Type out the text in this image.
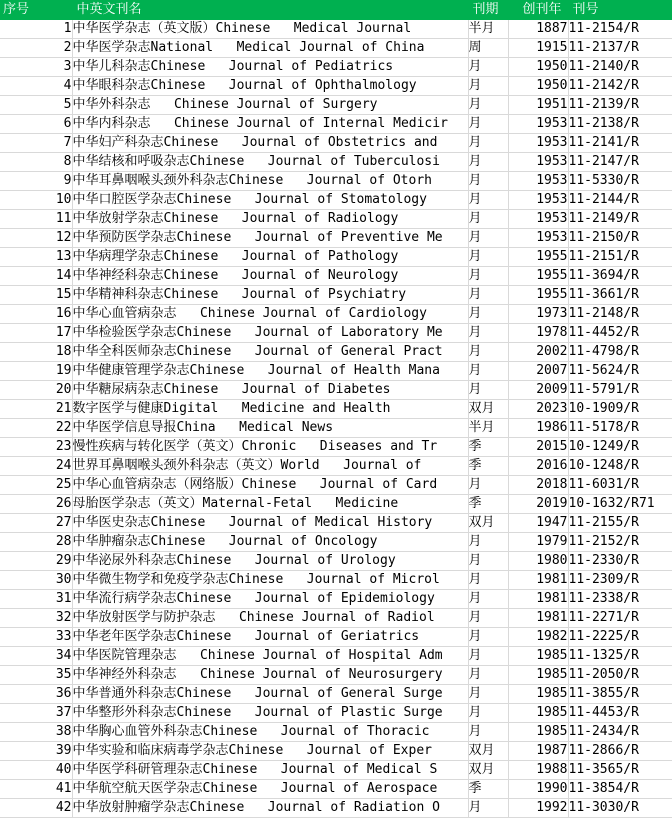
序号	中英文刊名	刊期	创刊年	刊号
1	中华医学杂志（英文版）Chinese   Medical Journal	半月	1887	11-2154/R
2	中华医学杂志National   Medical Journal of China	周	1915	11-2137/R
3	中华儿科杂志Chinese   Journal of Pediatrics	月	1950	11-2140/R
4	中华眼科杂志Chinese   Journal of Ophthalmology	月	1950	11-2142/R
5	中华外科杂志   Chinese Journal of Surgery	月	1951	11-2139/R
6	中华内科杂志   Chinese Journal of Internal Medicir	月	1953	11-2138/R
7	中华妇产科杂志Chinese   Journal of Obstetrics and	月	1953	11-2141/R
8	中华结核和呼吸杂志Chinese   Journal of Tuberculosi	月	1953	11-2147/R
9	中华耳鼻咽喉头颈外科杂志Chinese   Journal of Otorh	月	1953	11-5330/R
10	中华口腔医学杂志Chinese   Journal of Stomatology	月	1953	11-2144/R
11	中华放射学杂志Chinese   Journal of Radiology	月	1953	11-2149/R
12	中华预防医学杂志Chinese   Journal of Preventive Me	月	1953	11-2150/R
13	中华病理学杂志Chinese   Journal of Pathology	月	1955	11-2151/R
14	中华神经科杂志Chinese   Journal of Neurology	月	1955	11-3694/R
15	中华精神科杂志Chinese   Journal of Psychiatry	月	1955	11-3661/R
16	中华心血管病杂志   Chinese Journal of Cardiology	月	1973	11-2148/R
17	中华检验医学杂志Chinese   Journal of Laboratory Me	月	1978	11-4452/R
18	中华全科医师杂志Chinese   Journal of General Pract	月	2002	11-4798/R
19	中华健康管理学杂志Chinese   Journal of Health Mana	月	2007	11-5624/R
20	中华糖尿病杂志Chinese   Journal of Diabetes	月	2009	11-5791/R
21	数字医学与健康Digital   Medicine and Health	双月	2023	10-1909/R
22	中华医学信息导报China   Medical News	半月	1986	11-5178/R
23	慢性疾病与转化医学（英文）Chronic   Diseases and Tr	季	2015	10-1249/R
24	世界耳鼻咽喉头颈外科杂志（英文）World   Journal of	季	2016	10-1248/R
25	中华心血管病杂志（网络版）Chinese   Journal of Card	月	2018	11-6031/R
26	母胎医学杂志（英文）Maternal-Fetal   Medicine	季	2019	10-1632/R71
27	中华医史杂志Chinese   Journal of Medical History	双月	1947	11-2155/R
28	中华肿瘤杂志Chinese   Journal of Oncology	月	1979	11-2152/R
29	中华泌尿外科杂志Chinese   Journal of Urology	月	1980	11-2330/R
30	中华微生物学和免疫学杂志Chinese   Journal of Microl	月	1981	11-2309/R
31	中华流行病学杂志Chinese   Journal of Epidemiology	月	1981	11-2338/R
32	中华放射医学与防护杂志   Chinese Journal of Radiol	月	1981	11-2271/R
33	中华老年医学杂志Chinese   Journal of Geriatrics	月	1982	11-2225/R
34	中华医院管理杂志   Chinese Journal of Hospital Adm	月	1985	11-1325/R
35	中华神经外科杂志   Chinese Journal of Neurosurgery	月	1985	11-2050/R
36	中华普通外科杂志Chinese   Journal of General Surge	月	1985	11-3855/R
37	中华整形外科杂志Chinese   Journal of Plastic Surge	月	1985	11-4453/R
38	中华胸心血管外科杂志Chinese   Journal of Thoracic	月	1985	11-2434/R
39	中华实验和临床病毒学杂志Chinese   Journal of Exper	双月	1987	11-2866/R
40	中华医学科研管理杂志Chinese   Journal of Medical S	双月	1988	11-3565/R
41	中华航空航天医学杂志Chinese   Journal of Aerospace	季	1990	11-3854/R
42	中华放射肿瘤学杂志Chinese   Journal of Radiation O	月	1992	11-3030/R
